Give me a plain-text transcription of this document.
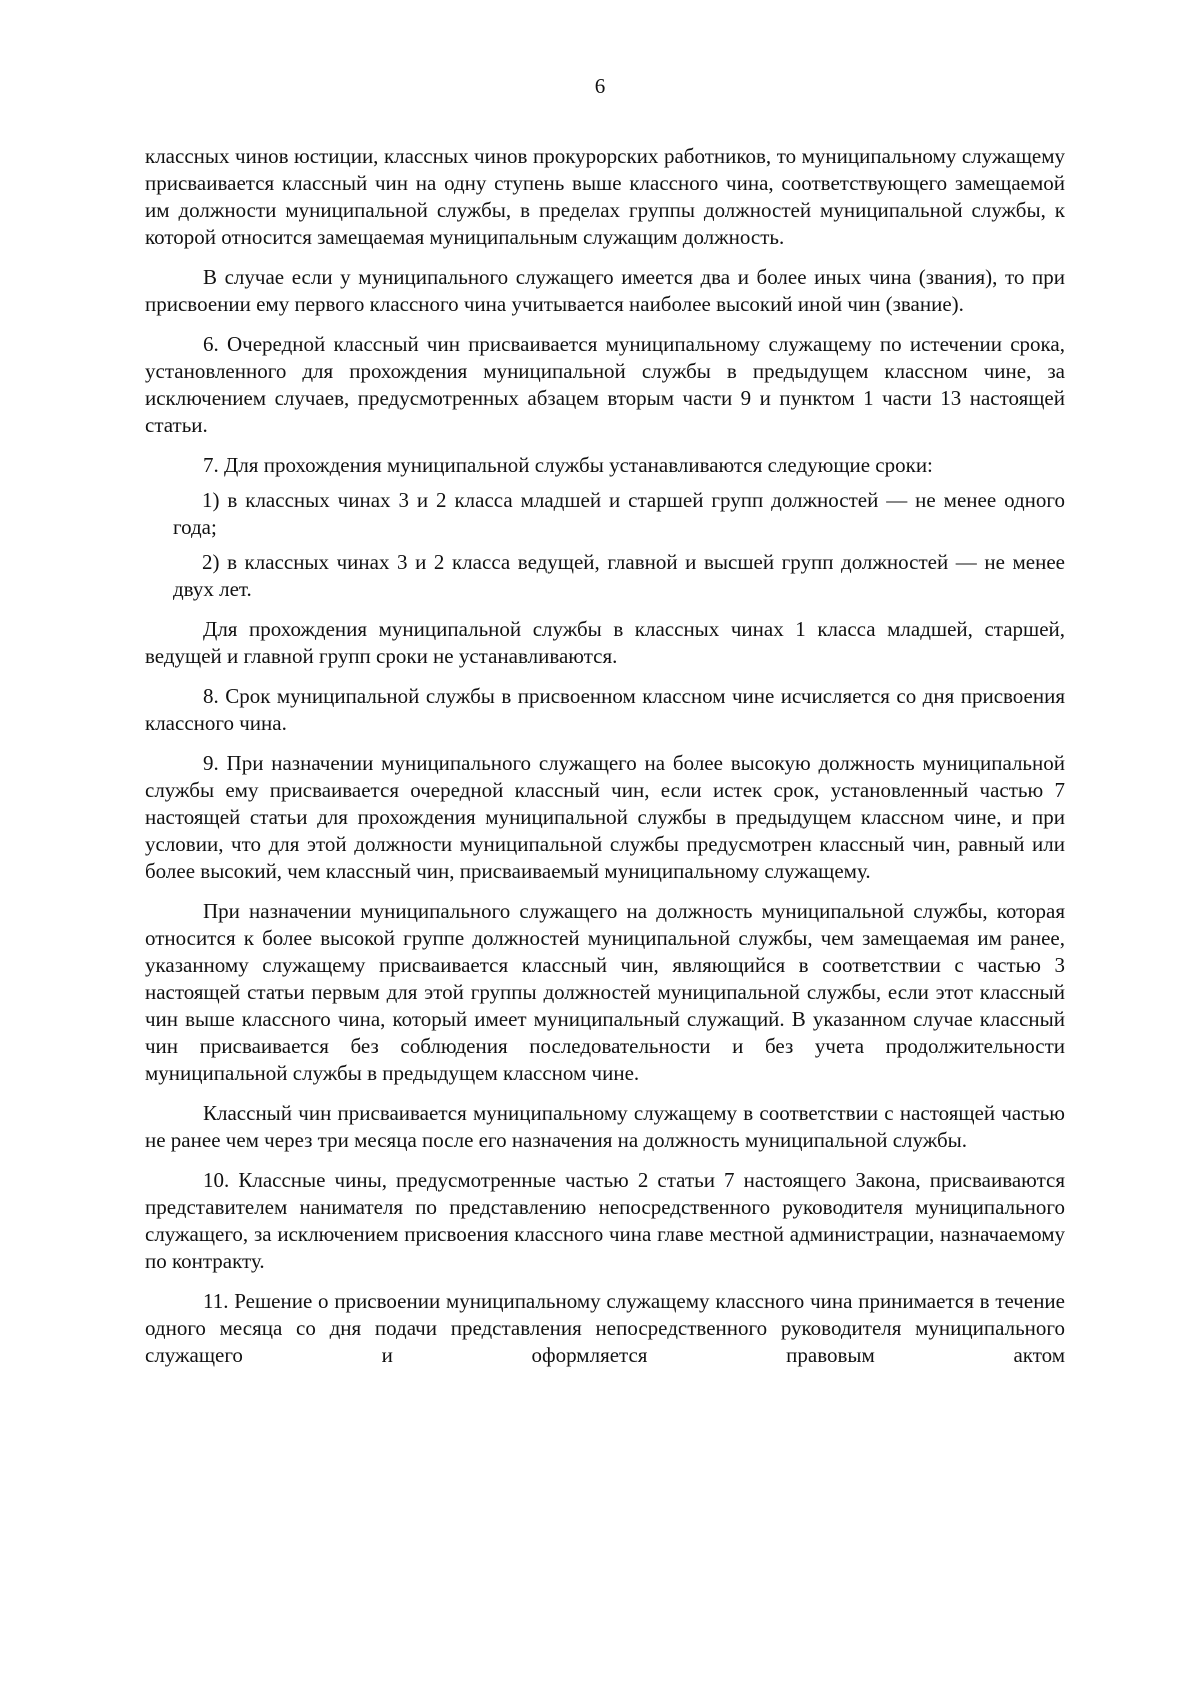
6

классных чинов юстиции, классных чинов прокурорских работников, то муниципальному служащему присваивается классный чин на одну ступень выше классного чина, соответствующего замещаемой им должности муниципальной службы, в пределах группы должностей муниципальной службы, к которой относится замещаемая муниципальным служащим должность.

В случае если у муниципального служащего имеется два и более иных чина (звания), то при присвоении ему первого классного чина учитывается наиболее высокий иной чин (звание).

6. Очередной классный чин присваивается муниципальному служащему по истечении срока, установленного для прохождения муниципальной службы в предыдущем классном чине, за исключением случаев, предусмотренных абзацем вторым части 9 и пунктом 1 части 13 настоящей статьи.

7. Для прохождения муниципальной службы устанавливаются следующие сроки:

1) в классных чинах 3 и 2 класса младшей и старшей групп должностей — не менее одного года;

2) в классных чинах 3 и 2 класса ведущей, главной и высшей групп должностей — не менее двух лет.

Для прохождения муниципальной службы в классных чинах 1 класса младшей, старшей, ведущей и главной групп сроки не устанавливаются.

8. Срок муниципальной службы в присвоенном классном чине исчисляется со дня присвоения классного чина.

9. При назначении муниципального служащего на более высокую должность муниципальной службы ему присваивается очередной классный чин, если истек срок, установленный частью 7 настоящей статьи для прохождения муниципальной службы в предыдущем классном чине, и при условии, что для этой должности муниципальной службы предусмотрен классный чин, равный или более высокий, чем классный чин, присваиваемый муниципальному служащему.

При назначении муниципального служащего на должность муниципальной службы, которая относится к более высокой группе должностей муниципальной службы, чем замещаемая им ранее, указанному служащему присваивается классный чин, являющийся в соответствии с частью 3 настоящей статьи первым для этой группы должностей муниципальной службы, если этот классный чин выше классного чина, который имеет муниципальный служащий. В указанном случае классный чин присваивается без соблюдения последовательности и без учета продолжительности муниципальной службы в предыдущем классном чине.

Классный чин присваивается муниципальному служащему в соответствии с настоящей частью не ранее чем через три месяца после его назначения на должность муниципальной службы.

10. Классные чины, предусмотренные частью 2 статьи 7 настоящего Закона, присваиваются представителем нанимателя по представлению непосредственного руководителя муниципального служащего, за исключением присвоения классного чина главе местной администрации, назначаемому по контракту.

11. Решение о присвоении муниципальному служащему классного чина принимается в течение одного месяца со дня подачи представления непосредственного руководителя муниципального служащего и оформляется правовым актом
